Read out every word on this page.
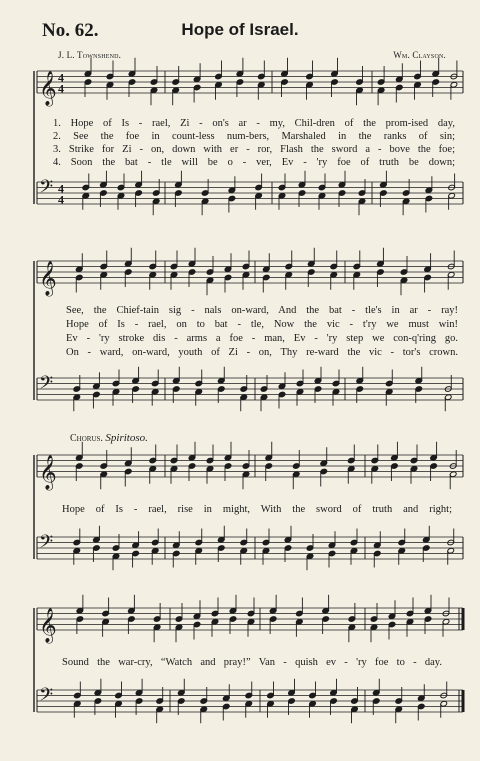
No. 62.	Hope of Israel.
J. L. Townshend.	Wm. Clayson.
𝄞 4
4
𝄢 4
4
𝄞
𝄢
𝄞
𝄢
𝄞
𝄢
1. Hope of Is - rael, Zi - on's ar - my, Chil-dren of the prom-ised day,
2. See the foe in count-less num-bers, Marshaled in the ranks of sin;
3. Strike for Zi - on, down with er - ror, Flash the sword a - bove the foe;
4. Soon the bat - tle will be o - ver, Ev - 'ry foe of truth be down;
See, the Chief-tain sig - nals on-ward, And the bat - tle's in ar - ray!
Hope of Is - rael, on to bat - tle, Now the vic - t'ry we must win!
Ev - 'ry stroke dis - arms a foe - man, Ev - 'ry step we con-q'ring go.
On - ward, on-ward, youth of Zi - on, Thy re-ward the vic - tor's crown.
Chorus. Spiritoso.
Hope of Is - rael, rise in might, With the sword of truth and right;
Sound the war-cry, “Watch and pray!” Van - quish ev - 'ry foe to - day.
